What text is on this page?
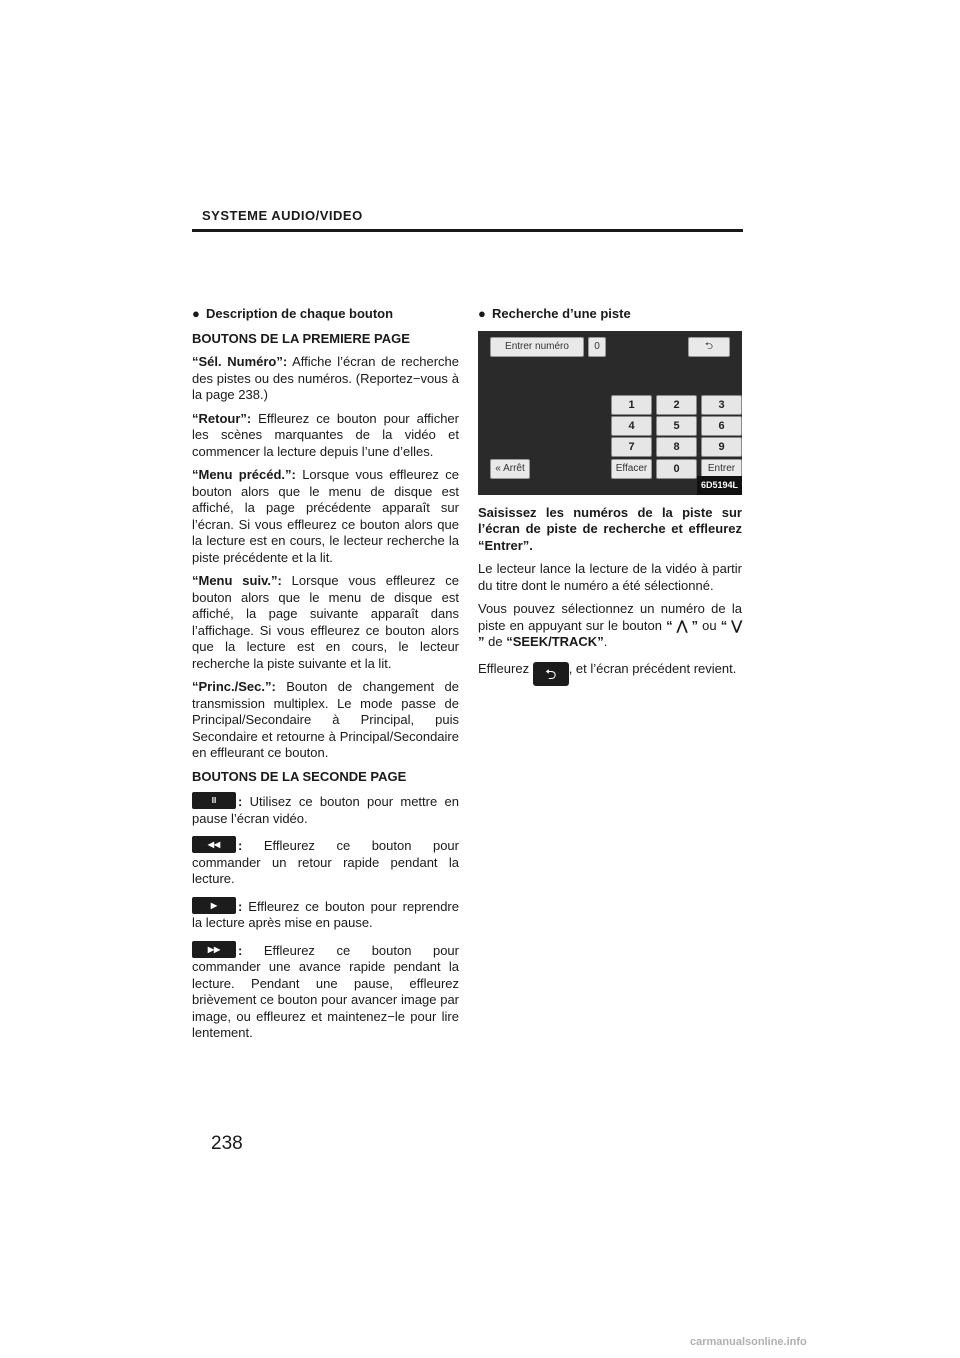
SYSTEME AUDIO/VIDEO
● Description de chaque bouton
BOUTONS DE LA PREMIERE PAGE
“Sél. Numéro”: Affiche l’écran de recherche des pistes ou des numéros. (Reportez−vous à la page 238.)
“Retour”: Effleurez ce bouton pour afficher les scènes marquantes de la vidéo et commencer la lecture depuis l’une d’elles.
“Menu précéd.”: Lorsque vous effleurez ce bouton alors que le menu de disque est affiché, la page précédente apparaît sur l’écran. Si vous effleurez ce bouton alors que la lecture est en cours, le lecteur recherche la piste précédente et la lit.
“Menu suiv.”: Lorsque vous effleurez ce bouton alors que le menu de disque est affiché, la page suivante apparaît dans l’affichage. Si vous effleurez ce bouton alors que la lecture est en cours, le lecteur recherche la piste suivante et la lit.
“Princ./Sec.”: Bouton de changement de transmission multiplex. Le mode passe de Principal/Secondaire à Principal, puis Secondaire et retourne à Principal/Secondaire en effleurant ce bouton.
BOUTONS DE LA SECONDE PAGE
II	: Utilisez ce bouton pour mettre en pause l’écran vidéo.
◀◀	: Effleurez ce bouton pour commander un retour rapide pendant la lecture.
▶	: Effleurez ce bouton pour reprendre la lecture après mise en pause.
▶▶	: Effleurez ce bouton pour commander une avance rapide pendant la lecture. Pendant une pause, effleurez brièvement ce bouton pour avancer image par image, ou effleurez et maintenez−le pour lire lentement.
● Recherche d’une piste
Entrer numéro	0	⮌
1	2	3
4	5	6
7	8	9
« Arrêt	Effacer	0	Entrer
6D5194L
Saisissez les numéros de la piste sur l’écran de piste de recherche et effleurez “Entrer”.
Le lecteur lance la lecture de la vidéo à partir du titre dont le numéro a été sélectionné.
Vous pouvez sélectionnez un numéro de la piste en appuyant sur le bouton “ ⋀ ” ou “ ⋁ ” de “SEEK/TRACK”.
Effleurez ⮌ , et l’écran précédent revient.
238
carmanualsonline.info
